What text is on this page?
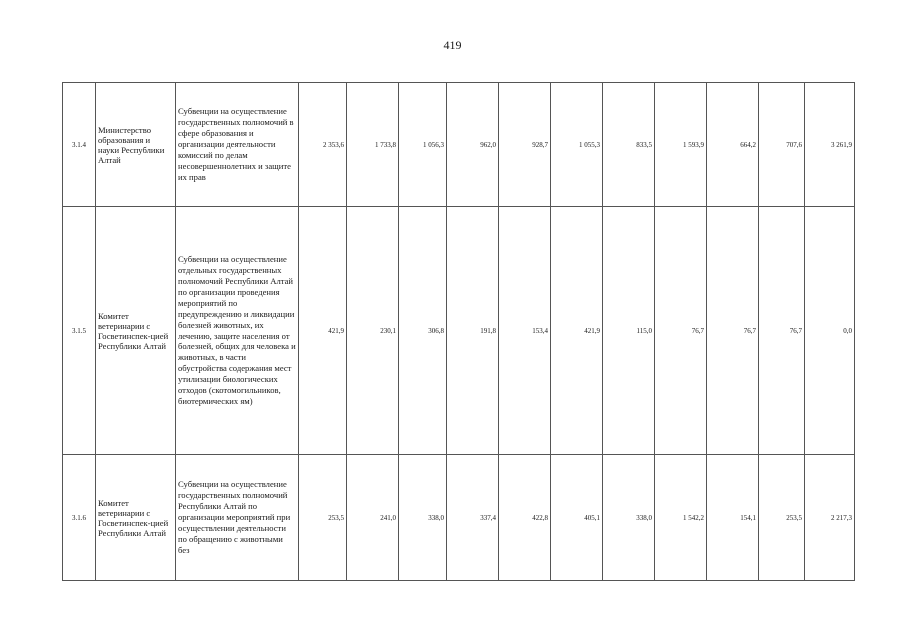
419
3.1.4	Министерство образования и науки Республики Алтай	Субвенции на осуществление государственных полномочий в сфере образования и организации деятельности комиссий по делам несовершеннолетних и защите их прав	2 353,6	1 733,8	1 056,3	962,0	928,7	1 055,3	833,5	1 593,9	664,2	707,6	3 261,9
3.1.5	Комитет ветеринарии с Госветинспек-цией Республики Алтай	Субвенции на осуществление отдельных государственных полномочий Республики Алтай по организации проведения мероприятий по предупреждению и ликвидации болезней животных, их лечению, защите населения от болезней, общих для человека и животных, в части обустройства содержания мест утилизации биологических отходов (скотомогильников, биотермических ям)	421,9	230,1	306,8	191,8	153,4	421,9	115,0	76,7	76,7	76,7	0,0
3.1.6	Комитет ветеринарии с Госветинспек-цией Республики Алтай	Субвенции на осуществление государственных полномочий Республики Алтай по организации мероприятий при осуществлении деятельности по обращению с животными без	253,5	241,0	338,0	337,4	422,8	405,1	338,0	1 542,2	154,1	253,5	2 217,3
